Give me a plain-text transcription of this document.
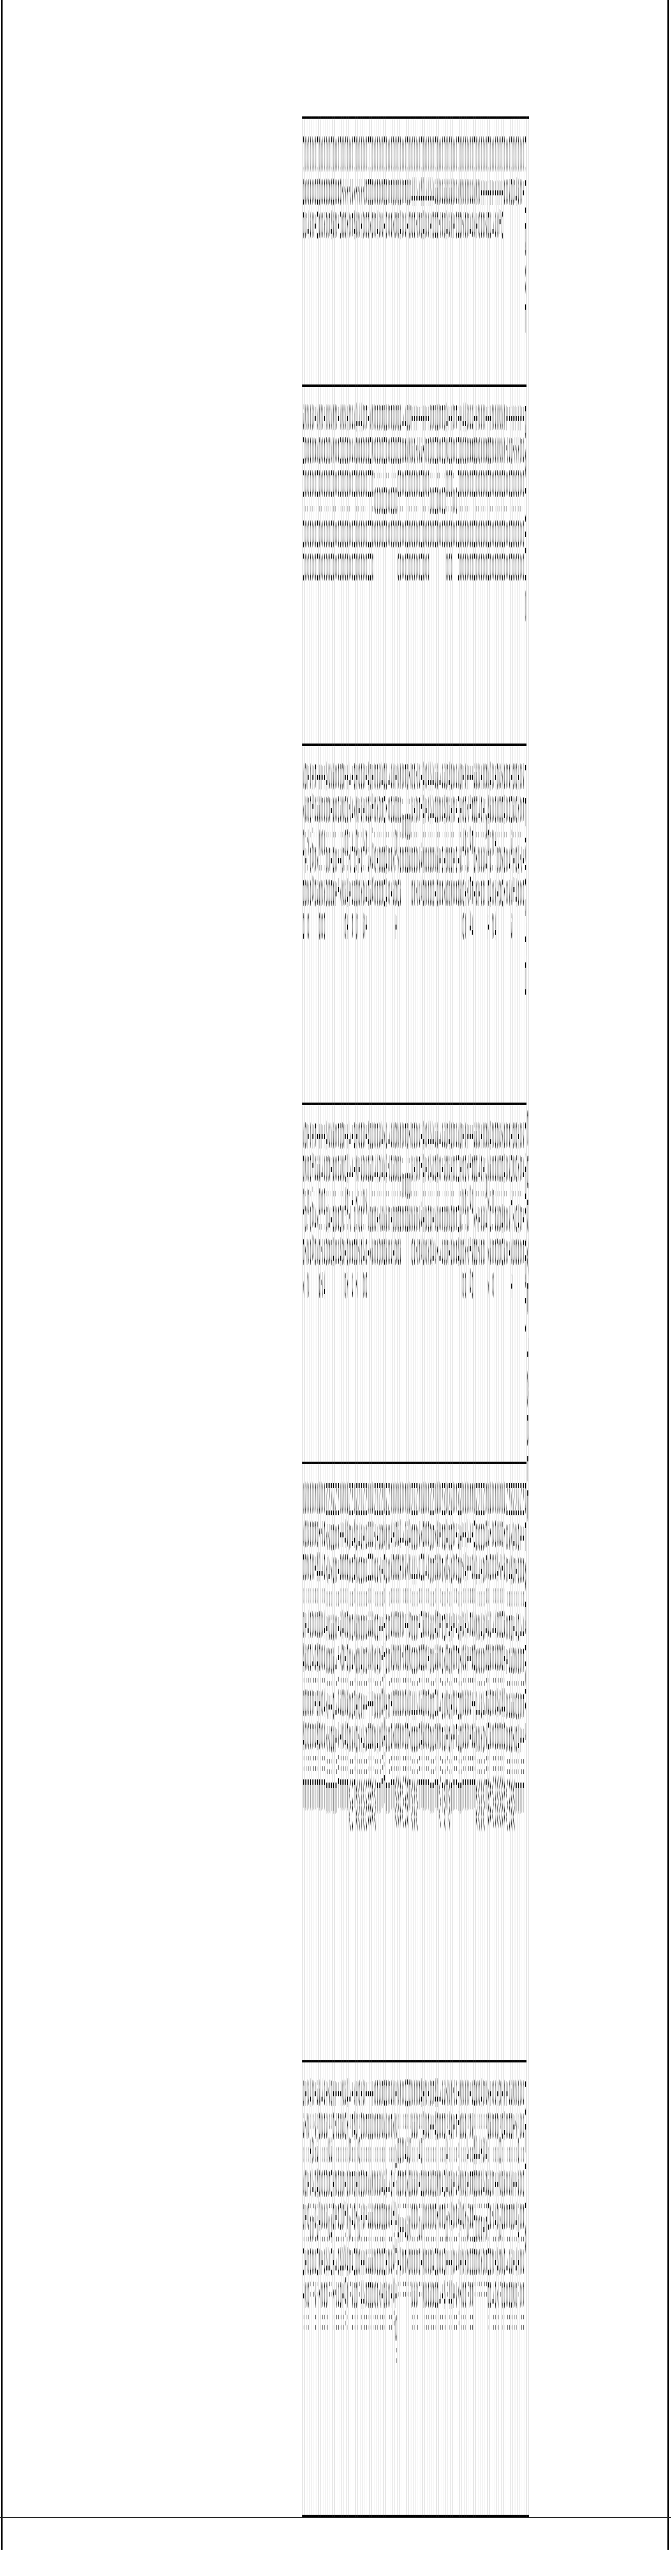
CURVE TABLE					
CURVE	RADIUS	LENGTH	CHORD	BEARING	DELTA
C1	130.00	75.19	74.15	N18°45'51"E	33°08'26"
C2	150.00	86.76	85.56	N18°45'51"E	33°08'26"
C3	170.00	17.49	17.49	N05°05'54"E	5°53'41"
C4	170.00	80.84	80.08	N21°42'08"E	27°14'45"
C5	170.00	63.11	62.75	N45°18'37"W	21°16'12"
C6	150.00	103.23	101.21	N74°53'38"W	39°25'39"
C7	130.00	89.47	87.71	N74°53'38"W	39°25'39"
C8	170.00	53.69	53.66	N85°01'33"W	18°05'40"
C9	220.00	94.67	94.23	S73°31'40"W	24°39'08"
C10	220.00	76.70	76.40	S51°09'45"W	19°59'25"
C11	220.00	30.88	30.86	S37°08'30"W	8°02'36"
C12	220.00	62.51	62.30	S24°58'49"W	16°16'47"
C13	220.00	101.74	99.86	S03°43'20"W	26°14'10"
C14	220.00	332.62	285.59	S38°45'56"W	95°57'24"
C15	180.00	43.94	43.83	S78°53'03"W	13°59'06"
C16	180.00	246.61	227.77	S32°39'30"W	78°30'06"
C17	180.00	8.84	8.84	S05°49'57"E	2°48'55"
C18	220.00	21.38	21.38	N06°36'40"W	5°34'10"
C19	220.00	16.25	16.25	N01°42'37"W	4°13'57"
C20	200.00	34.21	34.17	N04°29'42"W	9°48'06"
C21	180.00	30.79	30.76	N04°29'42"W	9°48'06"
C22	180.00	38.81	38.78	S02°29'13"E	9°48'06"
C23	380.00	185.54	183.70	S13°28'18"E	27°58'06"
C24	380.00	112.54	112.13	S41°51'31"E	16°58'06"
C25	380.00	17.87	17.87	S41°41'33"E	2°41'36"
C26	400.00	209.12	206.75	S14°13'39"E	29°57'16"
C27	400.00	164.00	162.85	S17°39'23"E	23°29'28"
C28	100.00	51.33	51.35	N15°17'00"E	29°24'17"
C29	100.00	20.18	20.04	N38°36'03"E	11°33'27"
C30	50.00	31.08	30.58	S10°45'25"E	35°36'47"
C31	50.00	62.19	58.26	S63°18'21"E	71°16'01"
C32	100.00	51.62	51.05	N85°12'17"E	29°34'14"
C33	100.00	43.55	43.21	N57°46'58"W	24°57'14"
C34	420.00	56.69	56.65	S49°10'21"E	7°44'01"
C35	50.00	34.17	33.55	N87°07'23"W	39°09'04"
C36	50.00	32.08	31.53	N65°50'05"E	36°45'21"
C37	50.00	42.18	40.94	S13°19'42"W	48°20'04"
C38	50.00	35.30	34.57	S33°03'52"E	40°27'06"
C39	50.00	39.21	38.22	S75°43'05"E	44°56'09"
C40	50.00	44.60	43.14	N55°32'03"E	51°06'48"
C41	50.00	44.88	44.88	N05°35'56"E	51°36'53"
C42	150.00	42.26	42.07	S62°21'06"E	18°52'28"
C43	150.00	61.82	61.39	S64°56'50"E	23°36'53"
C44	170.00	44.28	44.15	S60°30'03"E	14°55'22"
C45	130.00	11.32	11.32	S70°09'34"E	4°59'21"
C46	170.00	25.72	25.76	S72°18'29"E	8°41'30"
C47	170.00	70.07	69.57	N64°50'48"W	23°36'53"
C48	150.00	61.82	61.39	N64°50'48"W	23°36'53"
C49	130.00	53.58	53.20	N64°50'48"W	23°36'53"
C50	520.00	7.63	7.63	S42°52'57"E	0°50'26"
C51	520.00	5.69	5.69	S37°16'26"W	0°37'37"
C52	480.00	5.69	5.69	S37°18'00"W	0°40'45"
C53	480.00	3.52	3.52	S42°37'36"W	0°25'12"
C54	500.00	25.63	25.63	S41°22'52"W	2°56'14"
C55	500.00	25.70	25.69	S38°55'58"W	2°56'41"
C56	50.00	108.81	88.58	S59°02'09"W	124°41'19"
C57	50.00	23.73	23.51	S16°29'57"E	27°11'32"
C58	50.00	30.61	30.13	S47°37'19"E	35°04'21"
C59	50.00	49.59	47.58	N86°55'58"E	56°49'26"
C60	50.00	57.44	54.33	N25°06'13"E	65°49'13"
C61	50.00	80.80	72.29	S26°11'24"E	92°35'05"
C62	50.00	45.96	44.36	N81°11'02"E	52°40'01"
C63	50.00	30.88	30.70	N37°16'22"E	35°39'07"
C64	50.00	57.15	54.12	N13°04'24"E	65°29'05"
C65	50.00	58.06	54.85	N79°06'32"W	66°20'20"
C66	220.00	11.59	58.93	S50°32'19"W	15°23'36"
C67	200.00	53.73	53.57	S50°32'19"W	15°23'36"
C68	180.00	48.36	48.21	S50°32'19"W	15°23'36"
C69	500.00	138.41	137.99	N33°30'18"W	15°51'36"
C70	500.00	314.63	309.46	N15°55'14"W	36°03'14"
C71	480.00	83.97	83.86	N30°54'21"W	10°01'14"
C72	480.00	91.18	91.07	N40°22'07"W	9°05'36"
C73	480.00	128.05	127.67	N52°39'10"W	15°17'06"
C74	220.00	87.95	91.56	S49°27'52"E	24°58'05"
C75	220.00	144.36	141.82	N49°04'07"W	15°54'47"
C76	200.00	47.71	44.70	N59°29'02"W	4°55'35"
C77	180.00	150.41	146.07	S38°00'38"E	47°52'42"
C78	200.00	106.36	104.15	S46°51'24"E	30°11'20"
C79	200.00	82.52	82.28	S19°48'02"E	23°55'41"
C80	200.00	53.17	53.04	S19°37'31"E	15°50'49"
C81	180.00	60.11	59.83	N61°11'37"E	19°08'03"
C82	200.00	60.61	60.38	N62°04'41"E	17°21'47"
C83	220.00	39.69	39.64	N65°33'03"E	10°18'17"
C84	220.00	21.16	21.15	N57°35'18"E	5°30'40"
C85	200.00	28.50	28.48	N74°28'17"E	7°25'24"
C86	200.00	45.60	45.50	N77°12'77"E	13°03'49"
C87	180.00	122.70	120.34	S89°42'42"E	39°02'38"
C88	200.00	150.28	146.77	S74°39'00"E	43°03'12"
C89	200.00	132.90	130.69	S74°00'18"E	38°04'27"
C90	220.00	13.73	13.72	S54°54'54"E	3°34'30"
C91	180.00	53.60	53.40	S61°39'13"E	17°03'37"
C92	320.00	11.63	11.63	S52°04'55"E	2°04'58"
C93	280.00	20.59	20.59	S50°50'55"E	4°12'50"
C94	280.00	157.28	155.22	S32°40'50"E	32°10'58"
C95	280.00	83.18	82.87	S08°13'00"E	17°01'12"
C96	300.00	279.69	269.67	S26°54'54"E	53°25'01"
